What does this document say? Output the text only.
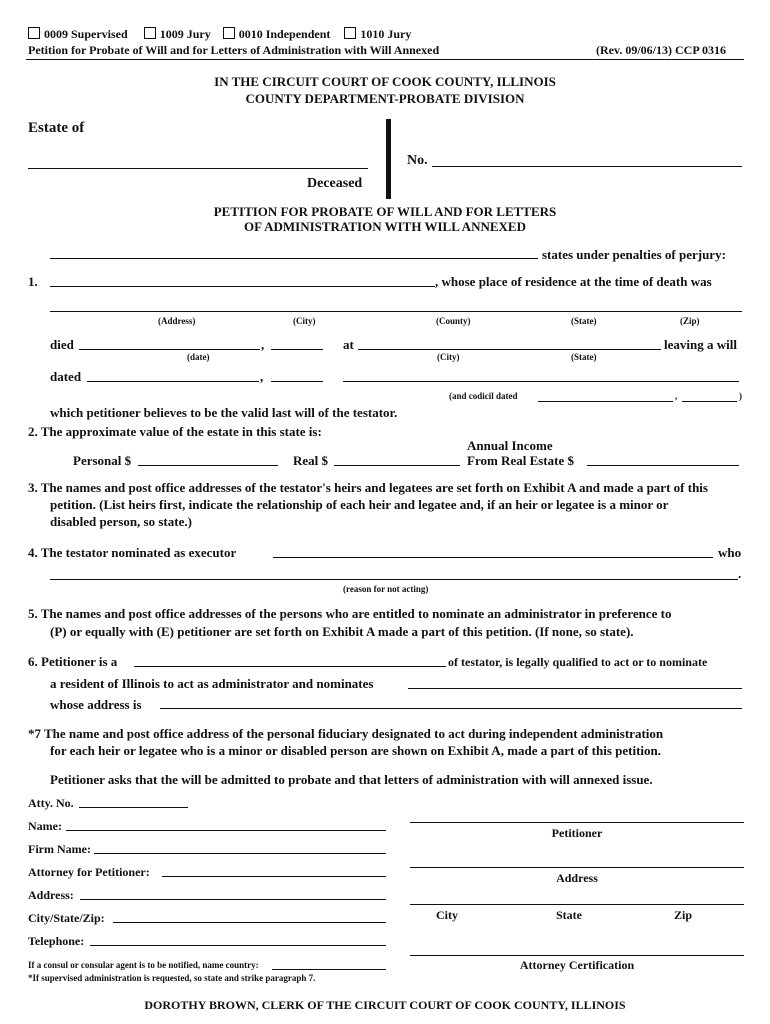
0009 Supervised	1009 Jury 0010 Independent	1010 Jury
Petition for Probate of Will and for Letters of Administration with Will Annexed	(Rev. 09/06/13) CCP 0316
IN THE CIRCUIT COURT OF COOK COUNTY, ILLINOIS
COUNTY DEPARTMENT-PROBATE DIVISION
Estate of
Deceased
No.
PETITION FOR PROBATE OF WILL AND FOR LETTERS
OF ADMINISTRATION WITH WILL ANNEXED
states under penalties of perjury:
1.	, whose place of residence at the time of death was
(Address)	(City)	(County)	(State)	(Zip)
died	,	at	leaving a will
(date)	(City)	(State)
dated	,
(and codicil dated	,	)
which petitioner believes to be the valid last will of the testator.
2. The approximate value of the estate in this state is:
Annual Income
Personal $	Real $	From Real Estate $
3. The names and post office addresses of the testator's heirs and legatees are set forth on Exhibit A and made a part of this
petition. (List heirs first, indicate the relationship of each heir and legatee and, if an heir or legatee is a minor or
disabled person, so state.)
4. The testator nominated as executor	who
.
(reason for not acting)
5. The names and post office addresses of the persons who are entitled to nominate an administrator in preference to
(P) or equally with (E) petitioner are set forth on Exhibit A made a part of this petition. (If none, so state).
6. Petitioner is a	of testator, is legally qualified to act or to nominate
a resident of Illinois to act as administrator and nominates
whose address is
*7 The name and post office address of the personal fiduciary designated to act during independent administration
for each heir or legatee who is a minor or disabled person are shown on Exhibit A, made a part of this petition.
Petitioner asks that the will be admitted to probate and that letters of administration with will annexed issue.
Atty. No.
Name:
Firm Name:
Attorney for Petitioner:
Address:
City/State/Zip:
Telephone:
If a consul or consular agent is to be notified, name country:
*If supervised administration is requested, so state and strike paragraph 7.
Petitioner
Address
City	State	Zip
Attorney Certification
DOROTHY BROWN, CLERK OF THE CIRCUIT COURT OF COOK COUNTY, ILLINOIS
